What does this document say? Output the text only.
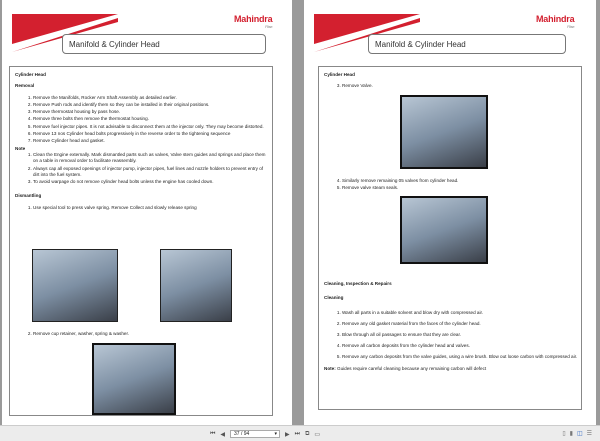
Mahindra
Rise
Manifold & Cylinder Head
Cylinder Head
Removal
1. Remove the Manifolds, Rocker Arm Shaft Assembly as detailed earlier.
2. Remove Push rods and identify them so they can be installed in their original positions.
3. Remove thermostat housing by pass hose.
4. Remove three bolts then remove the thermostat housing.
5. Remove fuel injector pipes. It is not advisable to disconnect them at the injector only. They may become distorted.
6. Remove 13 nos Cylinder head bolts progressively in the reverse order to the tightening sequence
7. Remove Cylinder head and gasket.
Note
1. Clean the Engine externally. Mark dismantled parts such as valves, Valve stem guides and springs and place them on a table in removal order to facilitate reassembly.
2. Always cap all exposed openings of injector pump, injector pipes, fuel lines and nozzle holders to prevent entry of dirt into the fuel system.
3. To avoid warpage do not remove cylinder head bolts unless the engine has cooled down.
Dismantling
1. Use special tool to press valve spring. Remove Collect and slowly release spring
2. Remove cup retainer, washer, spring & washer.
Mahindra
Rise
Manifold & Cylinder Head
Cylinder Head
3. Remove Valve.
4. Similarly remove remaining 05 valves from cylinder head.
5. Remove valve steam seals.
Cleaning, Inspection & Repairs
Cleaning
1. Wash all parts in a suitable solvent and blow dry with compressed air.
2. Remove any old gasket material from the faces of the cylinder head.
3. Blow through all oil passages to ensure that they are clear.
4. Remove all carbon deposits from the cylinder head and valves.
5. Remove any carbon deposits from the valve guides, using a wire brush. Blow out loose carbon with compressed air.
Note: Guides require careful cleaning because any remaining carbon will defect
⏮ ◀	37 / 94	▾ ▶ ⏭ ⧉ ▭	▯ ▮ ◫ ☰
